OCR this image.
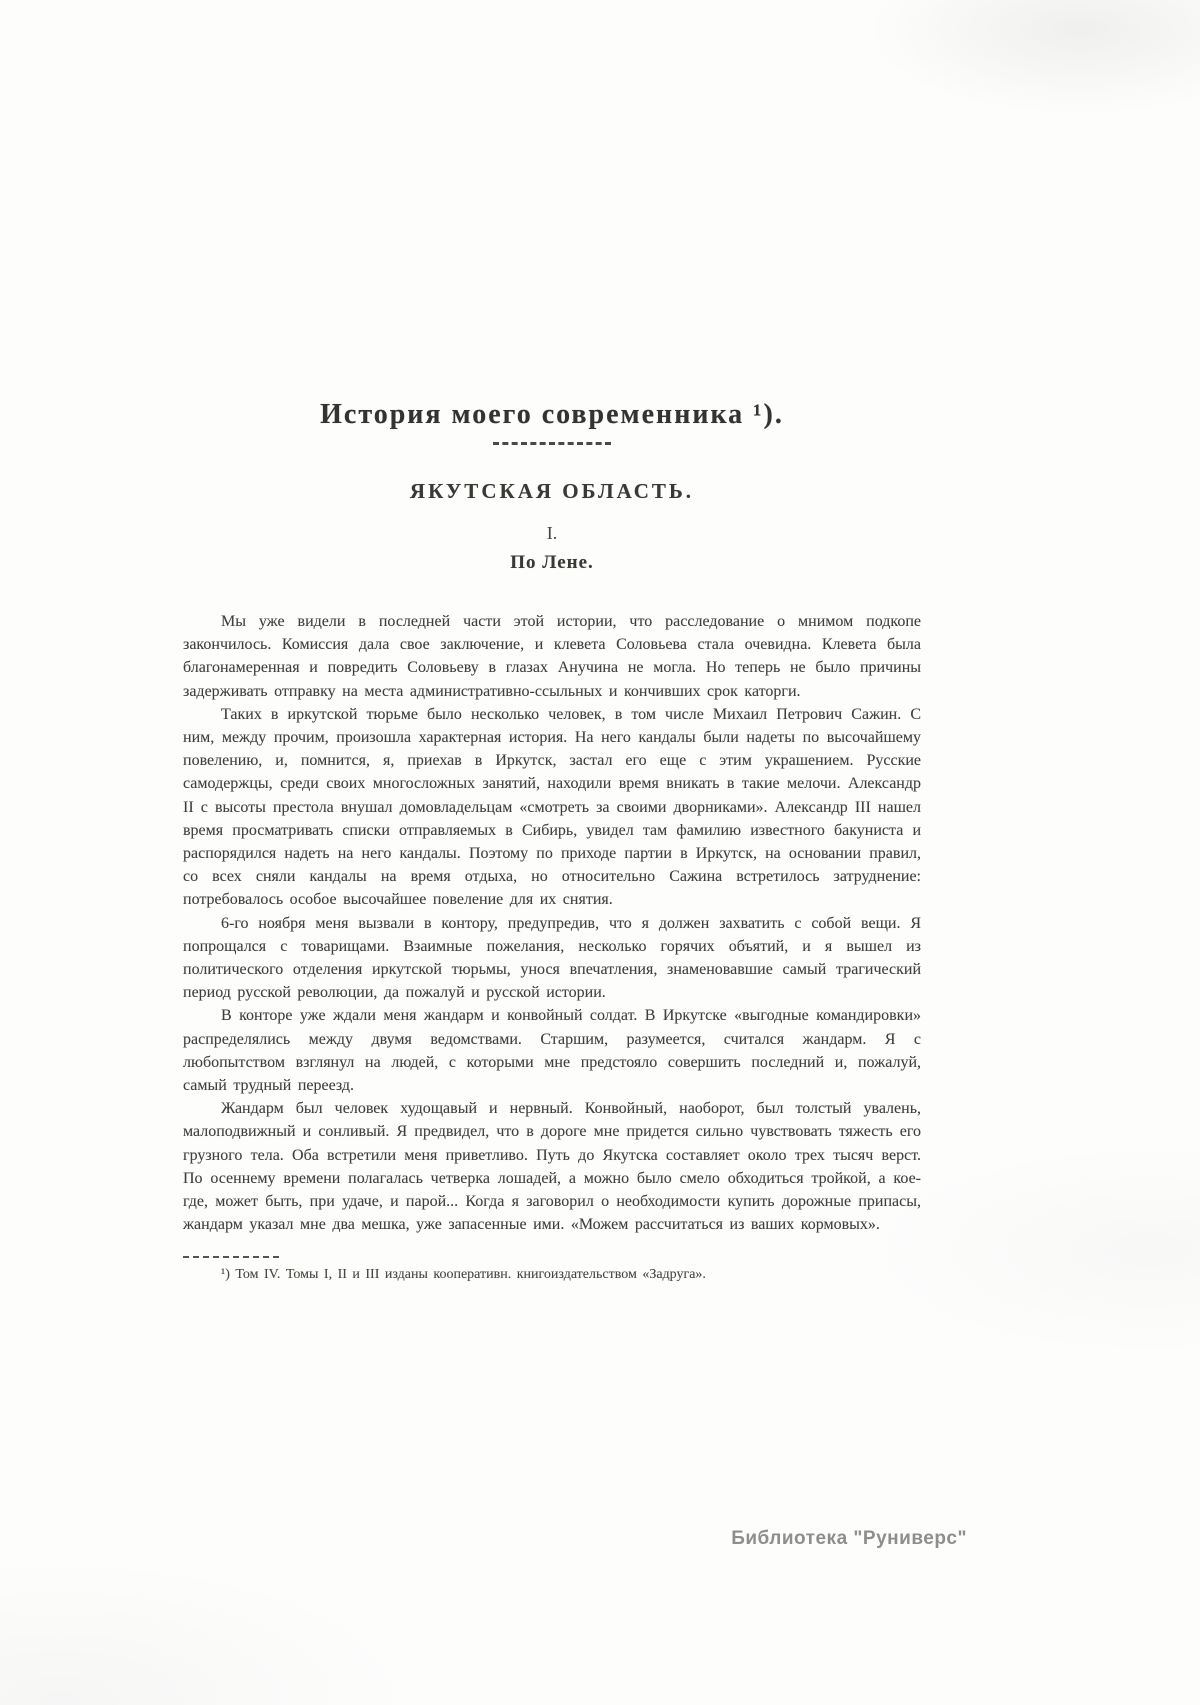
История моего современника ¹).
ЯКУТСКАЯ ОБЛАСТЬ.
I.
По Лене.

Мы уже видели в последней части этой истории, что расследование о мнимом подкопе закончилось. Комиссия дала свое заключение, и клевета Соловьева стала очевидна. Клевета была благонамеренная и повредить Соловьеву в глазах Анучина не могла. Но теперь не было причины задерживать отправку на места административно-ссыльных и кончивших срок каторги.

Таких в иркутской тюрьме было несколько человек, в том числе Михаил Петрович Сажин. С ним, между прочим, произошла характерная история. На него кандалы были надеты по высочайшему повелению, и, помнится, я, приехав в Иркутск, застал его еще с этим украшением. Русские самодержцы, среди своих многосложных занятий, находили время вникать в такие мелочи. Александр II с высоты престола внушал домовладельцам «смотреть за своими дворниками». Александр III нашел время просматривать списки отправляемых в Сибирь, увидел там фамилию известного бакуниста и распорядился надеть на него кандалы. Поэтому по приходе партии в Иркутск, на основании правил, со всех сняли кандалы на время отдыха, но относительно Сажина встретилось затруднение: потребовалось особое высочайшее повеление для их снятия.

6-го ноября меня вызвали в контору, предупредив, что я должен захватить с собой вещи. Я попрощался с товарищами. Взаимные пожелания, несколько горячих объятий, и я вышел из политического отделения иркутской тюрьмы, унося впечатления, знаменовавшие самый трагический период русской революции, да пожалуй и русской истории.

В конторе уже ждали меня жандарм и конвойный солдат. В Иркутске «выгодные командировки» распределялись между двумя ведомствами. Старшим, разумеется, считался жандарм. Я с любопытством взглянул на людей, с которыми мне предстояло совершить последний и, пожалуй, самый трудный переезд.

Жандарм был человек худощавый и нервный. Конвойный, наоборот, был толстый увалень, малоподвижный и сонливый. Я предвидел, что в дороге мне придется сильно чувствовать тяжесть его грузного тела. Оба встретили меня приветливо. Путь до Якутска составляет около трех тысяч верст. По осеннему времени полагалась четверка лошадей, а можно было смело обходиться тройкой, а кое-где, может быть, при удаче, и парой... Когда я заговорил о необходимости купить дорожные припасы, жандарм указал мне два мешка, уже запасенные ими. «Можем рассчитаться из ваших кормовых».

¹) Том IV. Томы I, II и III изданы кооперативн. книгоиздательством «Задруга».

Библиотека "Руниверс"
